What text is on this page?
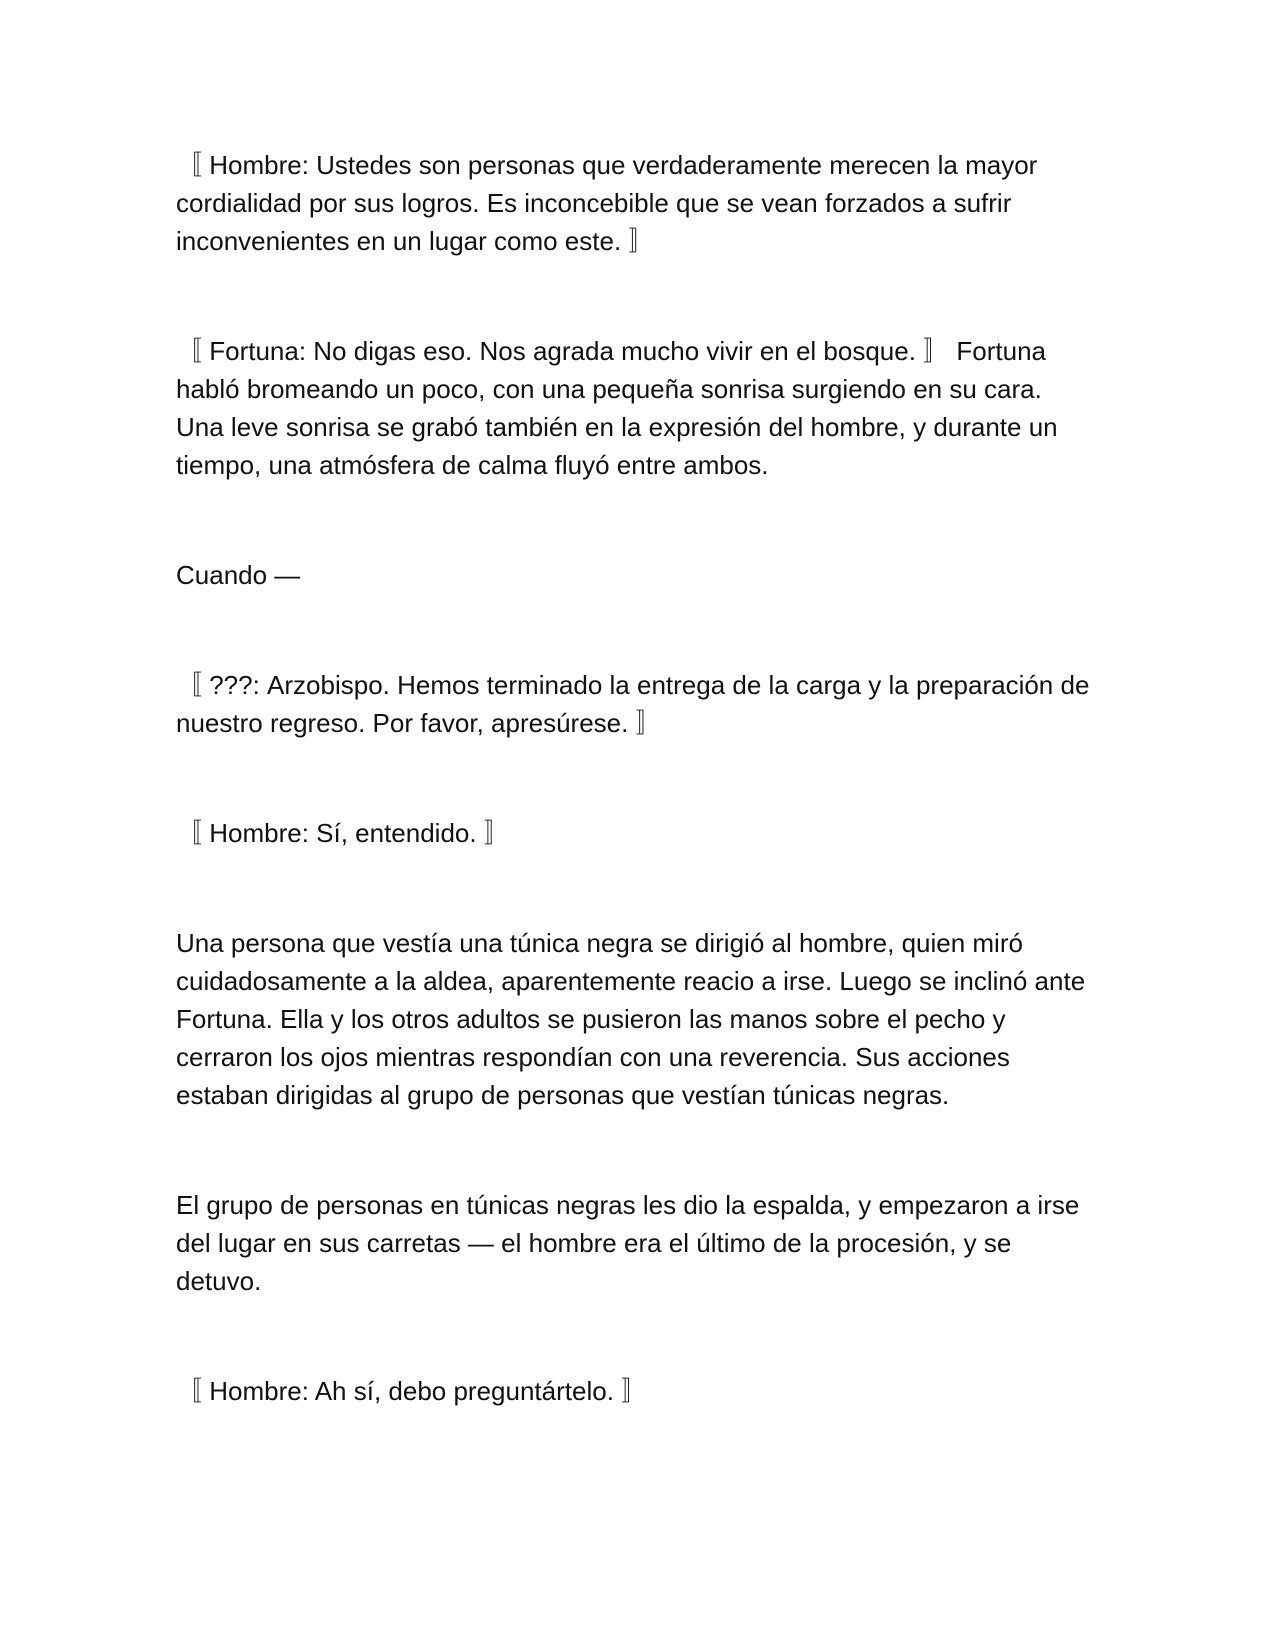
〚 Hombre: Ustedes son personas que verdaderamente merecen la mayor cordialidad por sus logros. Es inconcebible que se vean forzados a sufrir inconvenientes en un lugar como este. 〛

〚 Fortuna: No digas eso. Nos agrada mucho vivir en el bosque. 〛 Fortuna habló bromeando un poco, con una pequeña sonrisa surgiendo en su cara. Una leve sonrisa se grabó también en la expresión del hombre, y durante un tiempo, una atmósfera de calma fluyó entre ambos.

Cuando —

〚 ???: Arzobispo. Hemos terminado la entrega de la carga y la preparación de nuestro regreso. Por favor, apresúrese. 〛

〚 Hombre: Sí, entendido. 〛

Una persona que vestía una túnica negra se dirigió al hombre, quien miró cuidadosamente a la aldea, aparentemente reacio a irse. Luego se inclinó ante Fortuna. Ella y los otros adultos se pusieron las manos sobre el pecho y cerraron los ojos mientras respondían con una reverencia. Sus acciones estaban dirigidas al grupo de personas que vestían túnicas negras.

El grupo de personas en túnicas negras les dio la espalda, y empezaron a irse del lugar en sus carretas — el hombre era el último de la procesión, y se detuvo.

〚 Hombre: Ah sí, debo preguntártelo. 〛
